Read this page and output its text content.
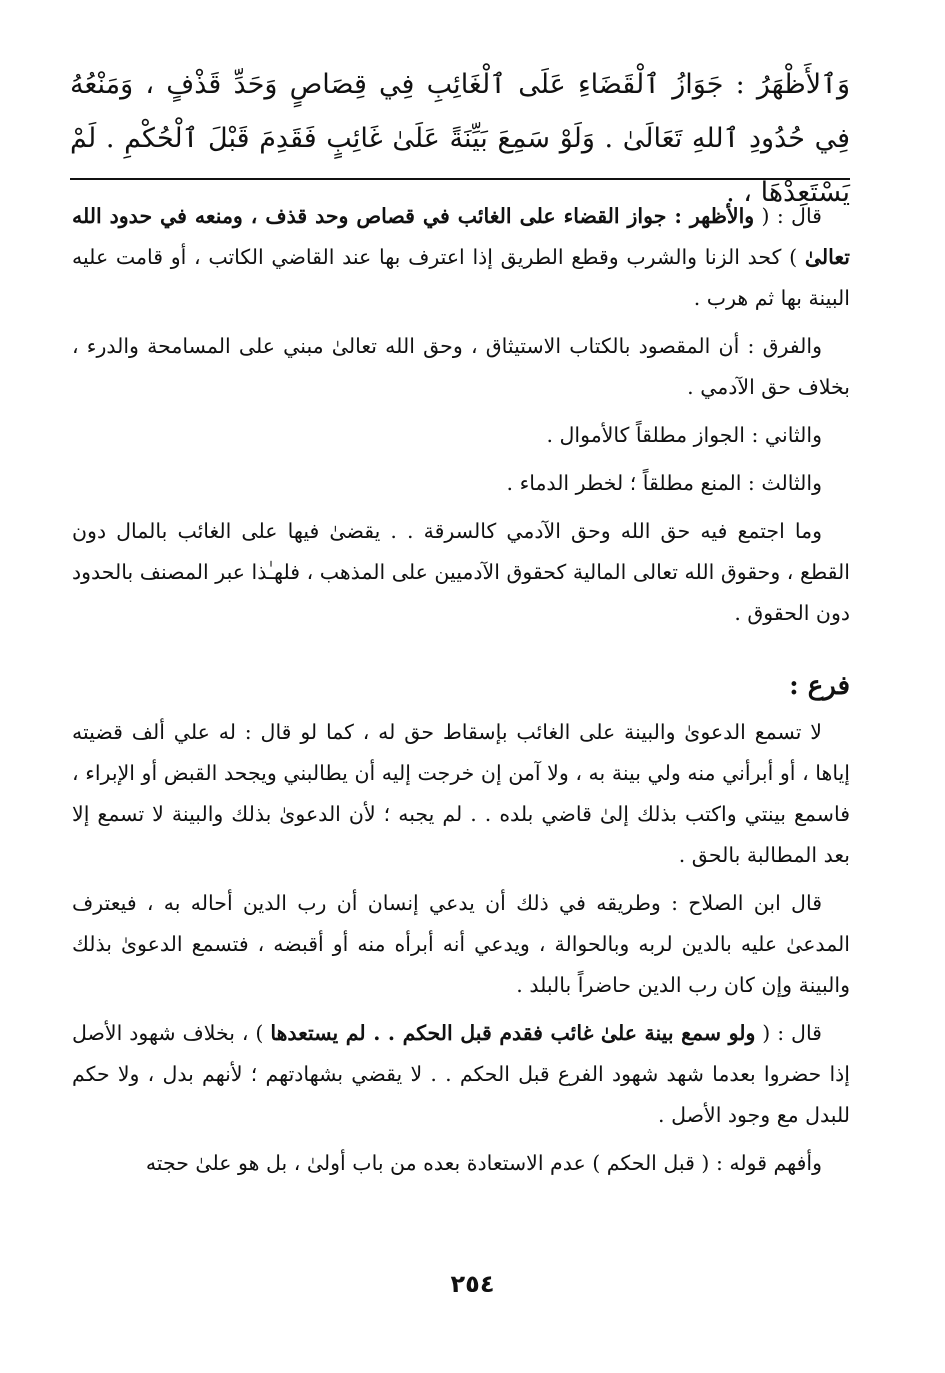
وَٱلأَظْهَرُ : جَوَازُ ٱلْقَضَاءِ عَلَى ٱلْغَائِبِ فِي قِصَاصٍ وَحَدِّ قَذْفٍ ، وَمَنْعُهُ فِي حُدُودِ ٱللهِ تَعَالَىٰ . وَلَوْ سَمِعَ بَيِّنَةً عَلَىٰ غَائِبٍ فَقَدِمَ قَبْلَ ٱلْحُكْمِ . لَمْ يَسْتَعِدْهَا ، .

قال : ( والأظهر : جواز القضاء على الغائب في قصاص وحد قذف ، ومنعه في حدود الله تعالىٰ ) كحد الزنا والشرب وقطع الطريق إذا اعترف بها عند القاضي الكاتب ، أو قامت عليه البينة بها ثم هرب .

والفرق : أن المقصود بالكتاب الاستيثاق ، وحق الله تعالىٰ مبني على المسامحة والدرء ، بخلاف حق الآدمي .

والثاني : الجواز مطلقاً كالأموال .

والثالث : المنع مطلقاً ؛ لخطر الدماء .

وما اجتمع فيه حق الله وحق الآدمي كالسرقة . . يقضىٰ فيها على الغائب بالمال دون القطع ، وحقوق الله تعالى المالية كحقوق الآدميين على المذهب ، فلهـٰذا عبر المصنف بالحدود دون الحقوق .

فرع :

لا تسمع الدعوىٰ والبينة على الغائب بإسقاط حق له ، كما لو قال : له علي ألف قضيته إياها ، أو أبرأني منه ولي بينة به ، ولا آمن إن خرجت إليه أن يطالبني ويجحد القبض أو الإبراء ، فاسمع بينتي واكتب بذلك إلىٰ قاضي بلده . . لم يجبه ؛ لأن الدعوىٰ بذلك والبينة لا تسمع إلا بعد المطالبة بالحق .

قال ابن الصلاح : وطريقه في ذلك أن يدعي إنسان أن رب الدين أحاله به ، فيعترف المدعىٰ عليه بالدين لربه وبالحوالة ، ويدعي أنه أبرأه منه أو أقبضه ، فتسمع الدعوىٰ بذلك والبينة وإن كان رب الدين حاضراً بالبلد .

قال : ( ولو سمع بينة علىٰ غائب فقدم قبل الحكم . . لم يستعدها ) ، بخلاف شهود الأصل إذا حضروا بعدما شهد شهود الفرع قبل الحكم . . لا يقضي بشهادتهم ؛ لأنهم بدل ، ولا حكم للبدل مع وجود الأصل .

وأفهم قوله : ( قبل الحكم ) عدم الاستعادة بعده من باب أولىٰ ، بل هو علىٰ حجته

٢٥٤
